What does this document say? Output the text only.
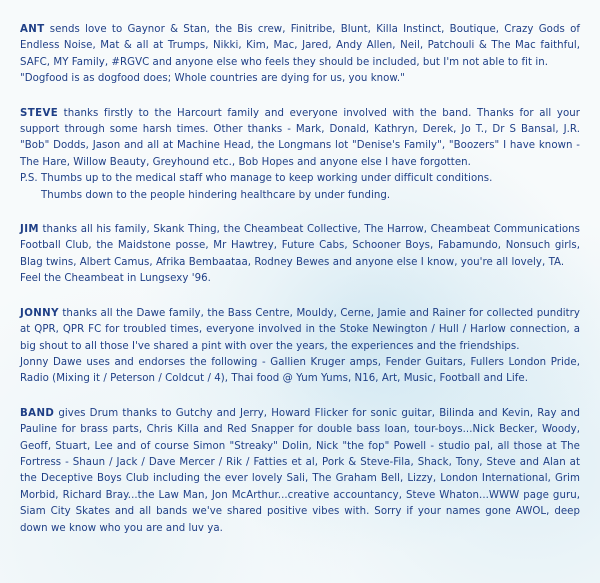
ANT sends love to Gaynor & Stan, the Bis crew, Finitribe, Blunt, Killa Instinct, Boutique, Crazy Gods of Endless Noise, Mat & all at Trumps, Nikki, Kim, Mac, Jared, Andy Allen, Neil, Patchouli & The Mac faithful, SAFC, MY Family, #RGVC and anyone else who feels they should be included, but I'm not able to fit in.

"Dogfood is as dogfood does; Whole countries are dying for us, you know."

STEVE thanks firstly to the Harcourt family and everyone involved with the band. Thanks for all your support through some harsh times. Other thanks - Mark, Donald, Kathryn, Derek, Jo T., Dr S Bansal, J.R. "Bob" Dodds, Jason and all at Machine Head, the Longmans lot "Denise's Family", "Boozers" I have known - The Hare, Willow Beauty, Greyhound etc., Bob Hopes and anyone else I have forgotten.

P.S. Thumbs up to the medical staff who manage to keep working under difficult conditions.

Thumbs down to the people hindering healthcare by under funding.

JIM thanks all his family, Skank Thing, the Cheambeat Collective, The Harrow, Cheambeat Communications Football Club, the Maidstone posse, Mr Hawtrey, Future Cabs, Schooner Boys, Fabamundo, Nonsuch girls, Blag twins, Albert Camus, Afrika Bembaataa, Rodney Bewes and anyone else I know, you're all lovely, TA.

Feel the Cheambeat in Lungsexy '96.

JONNY thanks all the Dawe family, the Bass Centre, Mouldy, Cerne, Jamie and Rainer for collected punditry at QPR, QPR FC for troubled times, everyone involved in the Stoke Newington / Hull / Harlow connection, a big shout to all those I've shared a pint with over the years, the experiences and the friendships.

Jonny Dawe uses and endorses the following - Gallien Kruger amps, Fender Guitars, Fullers London Pride, Radio (Mixing it / Peterson / Coldcut / 4), Thai food @ Yum Yums, N16, Art, Music, Football and Life.

BAND gives Drum thanks to Gutchy and Jerry, Howard Flicker for sonic guitar, Bilinda and Kevin, Ray and Pauline for brass parts, Chris Killa and Red Snapper for double bass loan, tour-boys...Nick Becker, Woody, Geoff, Stuart, Lee and of course Simon "Streaky" Dolin, Nick "the fop" Powell - studio pal, all those at The Fortress - Shaun / Jack / Dave Mercer / Rik / Fatties et al, Pork & Steve-Fila, Shack, Tony, Steve and Alan at the Deceptive Boys Club including the ever lovely Sali, The Graham Bell, Lizzy, London International, Grim Morbid, Richard Bray...the Law Man, Jon McArthur...creative accountancy, Steve Whaton...WWW page guru, Siam City Skates and all bands we've shared positive vibes with. Sorry if your names gone AWOL, deep down we know who you are and luv ya.
